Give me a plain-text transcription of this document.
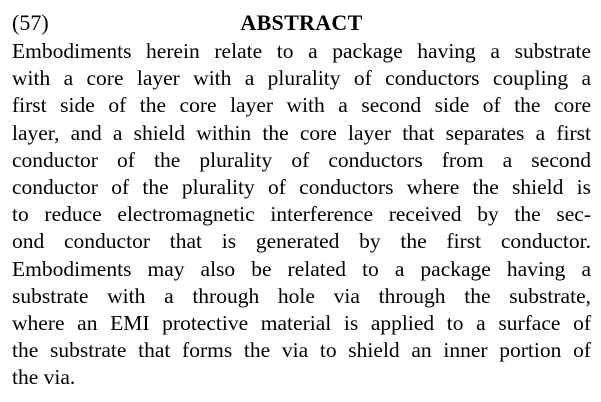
(57)	ABSTRACT
Embodiments herein relate to a package having a substrate
with a core layer with a plurality of conductors coupling a
first side of the core layer with a second side of the core
layer, and a shield within the core layer that separates a first
conductor of the plurality of conductors from a second
conductor of the plurality of conductors where the shield is
to reduce electromagnetic interference received by the sec-
ond conductor that is generated by the first conductor.
Embodiments may also be related to a package having a
substrate with a through hole via through the substrate,
where an EMI protective material is applied to a surface of
the substrate that forms the via to shield an inner portion of
the via.
